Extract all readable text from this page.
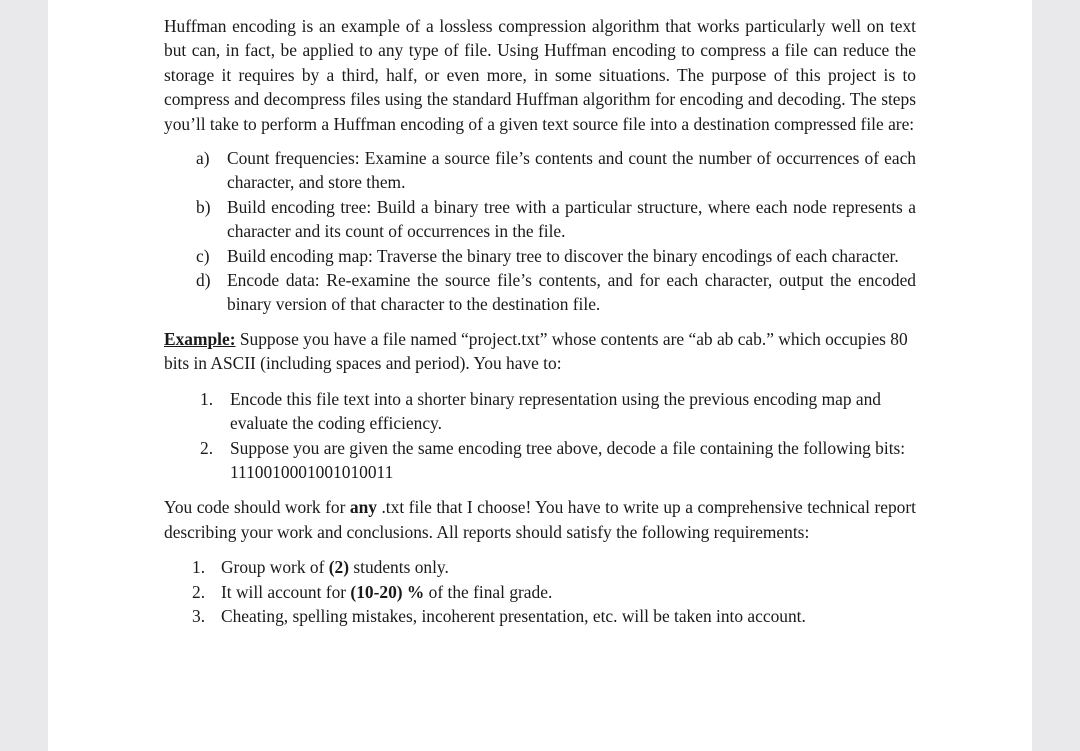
Huffman encoding is an example of a lossless compression algorithm that works particularly well on text but can, in fact, be applied to any type of file. Using Huffman encoding to compress a file can reduce the storage it requires by a third, half, or even more, in some situations. The purpose of this project is to compress and decompress files using the standard Huffman algorithm for encoding and decoding. The steps you’ll take to perform a Huffman encoding of a given text source file into a destination compressed file are:

a) Count frequencies: Examine a source file’s contents and count the number of occurrences of each character, and store them.
b) Build encoding tree: Build a binary tree with a particular structure, where each node represents a character and its count of occurrences in the file.
c) Build encoding map: Traverse the binary tree to discover the binary encodings of each character.
d) Encode data: Re-examine the source file’s contents, and for each character, output the encoded binary version of that character to the destination file.

Example: Suppose you have a file named “project.txt” whose contents are “ab ab cab.” which occupies 80 bits in ASCII (including spaces and period). You have to:

1. Encode this file text into a shorter binary representation using the previous encoding map and evaluate the coding efficiency.
2. Suppose you are given the same encoding tree above, decode a file containing the following bits: 1110010001001010011

You code should work for any .txt file that I choose! You have to write up a comprehensive technical report describing your work and conclusions. All reports should satisfy the following requirements:

1. Group work of (2) students only.
2. It will account for (10-20) % of the final grade.
3. Cheating, spelling mistakes, incoherent presentation, etc. will be taken into account.
